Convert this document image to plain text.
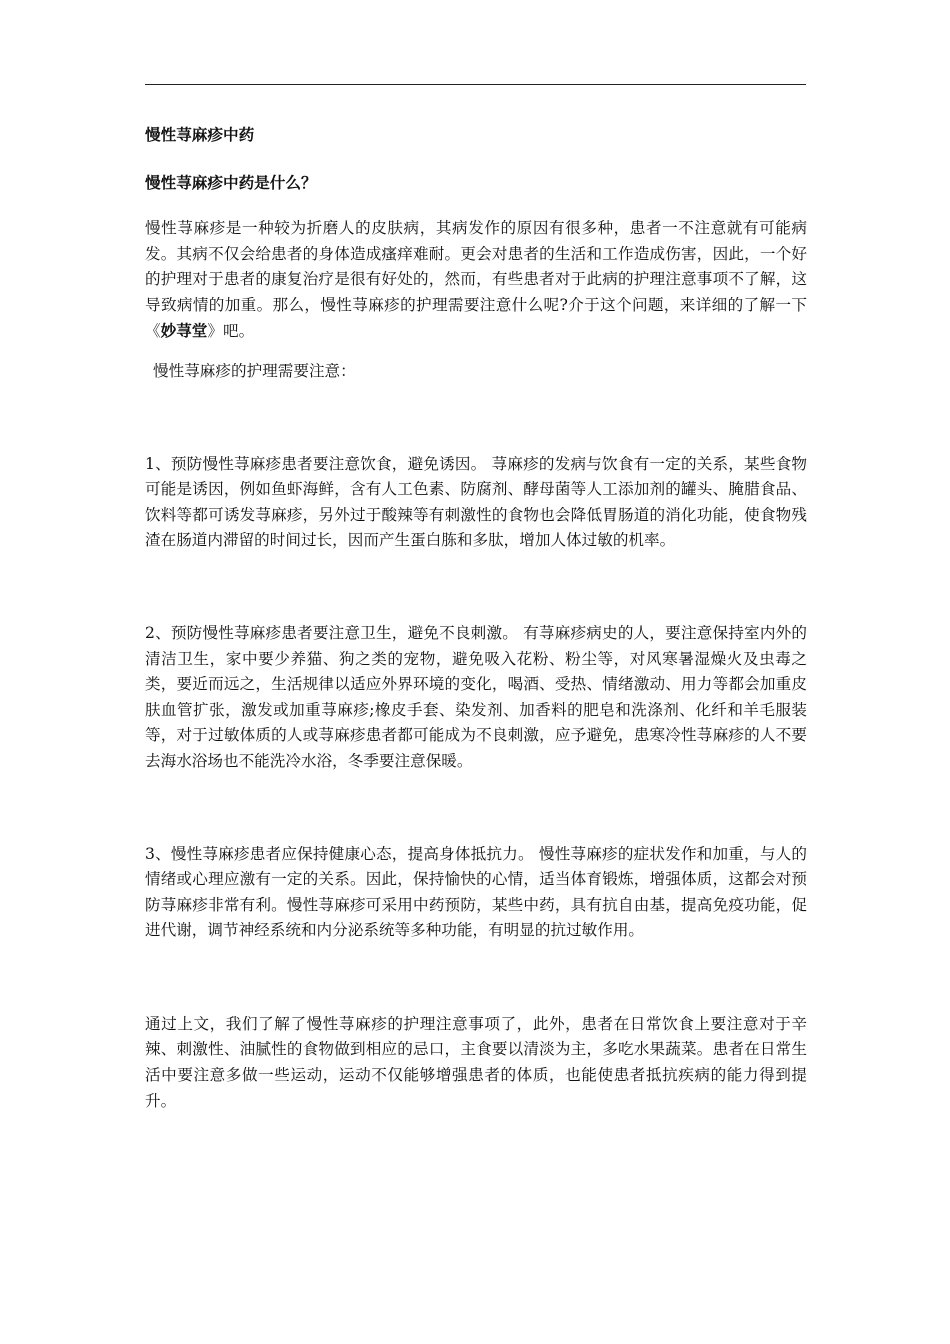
慢性荨麻疹中药

慢性荨麻疹中药是什么？

慢性荨麻疹是一种较为折磨人的皮肤病，其病发作的原因有很多种，患者一不注意就有可能病发。其病不仅会给患者的身体造成瘙痒难耐。更会对患者的生活和工作造成伤害，因此，一个好的护理对于患者的康复治疗是很有好处的，然而，有些患者对于此病的护理注意事项不了解，这导致病情的加重。那么，慢性荨麻疹的护理需要注意什么呢?介于这个问题，来详细的了解一下 《妙荨堂》吧。

慢性荨麻疹的护理需要注意：

1、预防慢性荨麻疹患者要注意饮食，避免诱因。 荨麻疹的发病与饮食有一定的关系，某些食物可能是诱因，例如鱼虾海鲜，含有人工色素、防腐剂、酵母菌等人工添加剂的罐头、腌腊食品、饮料等都可诱发荨麻疹，另外过于酸辣等有刺激性的食物也会降低胃肠道的消化功能，使食物残渣在肠道内滞留的时间过长，因而产生蛋白胨和多肽，增加人体过敏的机率。

2、预防慢性荨麻疹患者要注意卫生，避免不良刺激。 有荨麻疹病史的人，要注意保持室内外的清洁卫生，家中要少养猫、狗之类的宠物，避免吸入花粉、粉尘等，对风寒暑湿燥火及虫毒之类，要近而远之，生活规律以适应外界环境的变化，喝酒、受热、情绪激动、用力等都会加重皮肤血管扩张，激发或加重荨麻疹;橡皮手套、染发剂、加香料的肥皂和洗涤剂、化纤和羊毛服装等，对于过敏体质的人或荨麻疹患者都可能成为不良刺激，应予避免，患寒冷性荨麻疹的人不要去海水浴场也不能洗冷水浴，冬季要注意保暖。

3、慢性荨麻疹患者应保持健康心态，提高身体抵抗力。 慢性荨麻疹的症状发作和加重，与人的情绪或心理应激有一定的关系。因此，保持愉快的心情，适当体育锻炼，增强体质，这都会对预防荨麻疹非常有利。慢性荨麻疹可采用中药预防，某些中药，具有抗自由基，提高免疫功能，促进代谢，调节神经系统和内分泌系统等多种功能，有明显的抗过敏作用。

通过上文，我们了解了慢性荨麻疹的护理注意事项了，此外，患者在日常饮食上要注意对于辛辣、刺激性、油腻性的食物做到相应的忌口，主食要以清淡为主，多吃水果蔬菜。患者在日常生活中要注意多做一些运动，运动不仅能够增强患者的体质，也能使患者抵抗疾病的能力得到提升。
